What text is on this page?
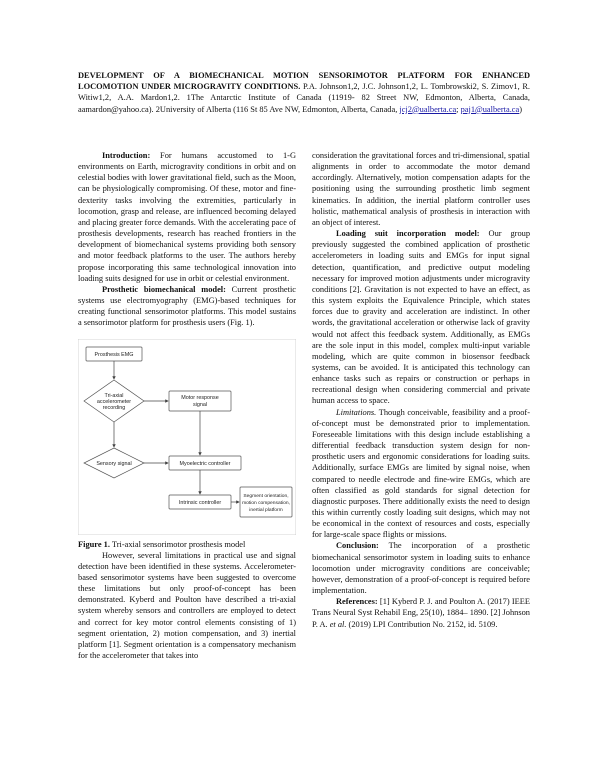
DEVELOPMENT OF A BIOMECHANICAL MOTION SENSORIMOTOR PLATFORM FOR ENHANCED LOCOMOTION UNDER MICROGRAVITY CONDITIONS. P.A. Johnson1,2, J.C. Johnson1,2, L. Tombrowski2, S. Zimov1, R. Witiw1,2, A.A. Mardon1,2. 1The Antarctic Institute of Canada (11919- 82 Street NW, Edmonton, Alberta, Canada, aamardon@yahoo.ca). 2University of Alberta (116 St 85 Ave NW, Edmonton, Alberta, Canada, jcj2@ualberta.ca; paj1@ualberta.ca)

Introduction: For humans accustomed to 1-G environments on Earth, microgravity conditions in orbit and on celestial bodies with lower gravitational field, such as the Moon, can be physiologically compromising. Of these, motor and fine-dexterity tasks involving the extremities, particularly in locomotion, grasp and release, are influenced becoming delayed and placing greater force demands. With the accelerating pace of prosthesis developments, research has reached frontiers in the development of biomechanical systems providing both sensory and motor feedback platforms to the user. The authors hereby propose incorporating this same technological innovation into loading suits designed for use in orbit or celestial environment.

Prosthetic biomechanical model: Current prosthetic systems use electromyography (EMG)-based techniques for creating functional sensorimotor platforms. This model sustains a sensorimotor platform for prosthesis users (Fig. 1).

Prosthesis EMG
Tri-axial
accelerometer
recording
Motor response
signal
Sensory signal	Myoelectric controller
Intrinsic controller
Segment orientation,
motion compensation,
inertial platform

Figure 1. Tri-axial sensorimotor prosthesis model

However, several limitations in practical use and signal detection have been identified in these systems. Accelerometer-based sensorimotor systems have been suggested to overcome these limitations but only proof-of-concept has been demonstrated. Kyberd and Poulton have described a tri-axial system whereby sensors and controllers are employed to detect and correct for key motor control elements consisting of 1) segment orientation, 2) motion compensation, and 3) inertial platform [1]. Segment orientation is a compensatory mechanism for the accelerometer that takes into

consideration the gravitational forces and tri-dimensional, spatial alignments in order to accommodate the motor demand accordingly. Alternatively, motion compensation adapts for the positioning using the surrounding prosthetic limb segment kinematics. In addition, the inertial platform controller uses holistic, mathematical analysis of prosthesis in interaction with an object of interest.

Loading suit incorporation model: Our group previously suggested the combined application of prosthetic accelerometers in loading suits and EMGs for input signal detection, quantification, and predictive output modeling necessary for improved motion adjustments under microgravity conditions [2]. Gravitation is not expected to have an effect, as this system exploits the Equivalence Principle, which states forces due to gravity and acceleration are indistinct. In other words, the gravitational acceleration or otherwise lack of gravity would not affect this feedback system. Additionally, as EMGs are the sole input in this model, complex multi-input variable modeling, which are quite common in biosensor feedback systems, can be avoided. It is anticipated this technology can enhance tasks such as repairs or construction or perhaps in recreational design when considering commercial and private human access to space.

Limitations. Though conceivable, feasibility and a proof-of-concept must be demonstrated prior to implementation. Foreseeable limitations with this design include establishing a differential feedback transduction system design for non-prosthetic users and ergonomic considerations for loading suits. Additionally, surface EMGs are limited by signal noise, when compared to needle electrode and fine-wire EMGs, which are often classified as gold standards for signal detection for diagnostic purposes. There additionally exists the need to design this within currently costly loading suit designs, which may not be economical in the context of resources and costs, especially for large-scale space flights or missions.

Conclusion: The incorporation of a prosthetic biomechanical sensorimotor system in loading suits to enhance locomotion under microgravity conditions are conceivable; however, demonstration of a proof-of-concept is required before implementation.

References: [1] Kyberd P. J. and Poulton A. (2017) IEEE Trans Neural Syst Rehabil Eng, 25(10), 1884– 1890. [2] Johnson P. A. et al. (2019) LPI Contribution No. 2152, id. 5109.
